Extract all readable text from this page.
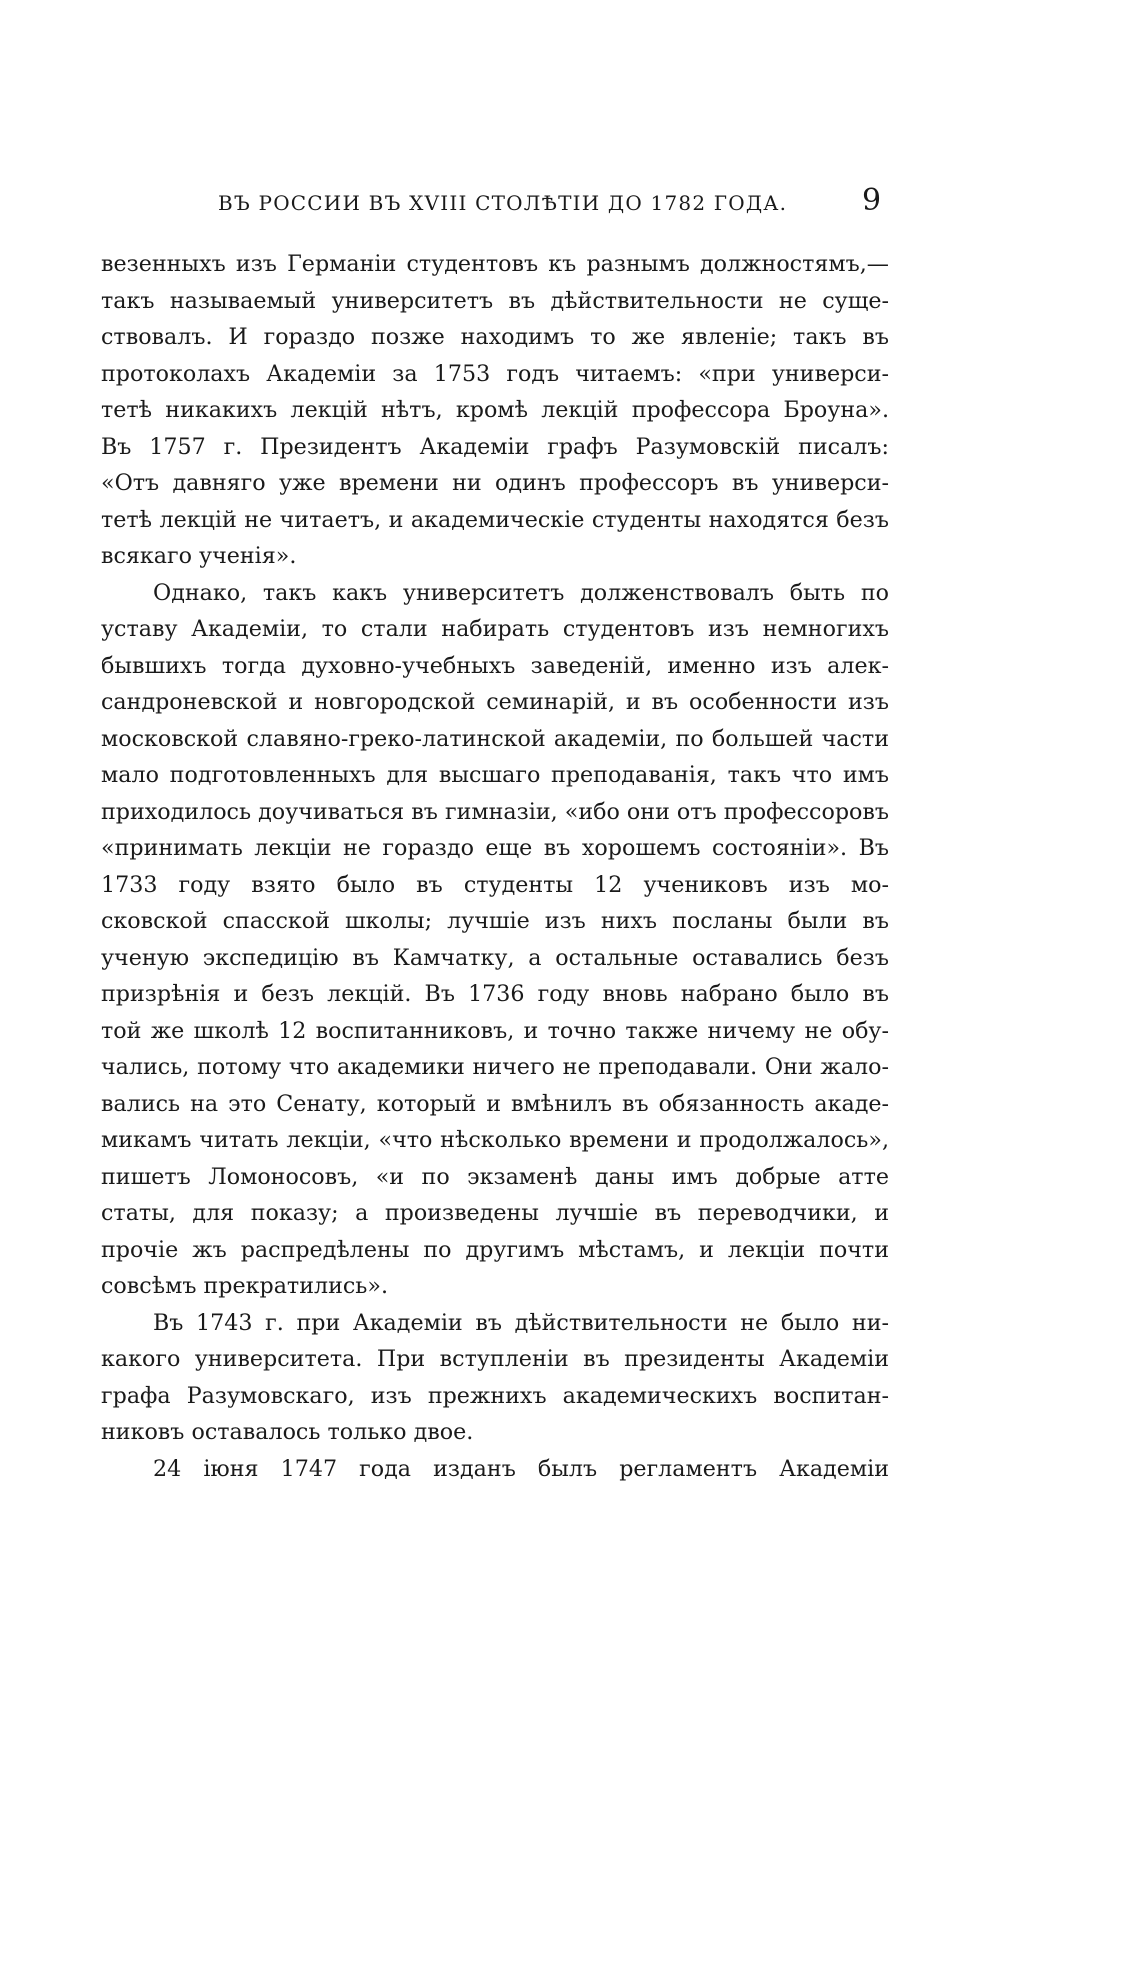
ВЪ РОССИИ ВЪ XVIII СТОЛѢТІИ ДО 1782 ГОДА. 9
везенныхъ изъ Германіи студентовъ къ разнымъ должностямъ,—
такъ называемый университетъ въ дѣйствительности не суще-
ствовалъ. И гораздо позже находимъ то же явленіе; такъ въ
протоколахъ Академіи за 1753 годъ читаемъ: «при универси-
тетѣ никакихъ лекцій нѣтъ, кромѣ лекцій профессора Броуна».
Въ 1757 г. Президентъ Академіи графъ Разумовскій писалъ:
«Отъ давняго уже времени ни одинъ профессоръ въ универси-
тетѣ лекцій не читаетъ, и академическіе студенты находятся безъ
всякаго ученія».
Однако, такъ какъ университетъ долженствовалъ быть по
уставу Академіи, то стали набирать студентовъ изъ немногихъ
бывшихъ тогда духовно-учебныхъ заведеній, именно изъ алек-
сандроневской и новгородской семинарій, и въ особенности изъ
московской славяно-греко-латинской академіи, по большей части
мало подготовленныхъ для высшаго преподаванія, такъ что имъ
приходилось доучиваться въ гимназіи, «ибо они отъ профессоровъ
«принимать лекціи не гораздо еще въ хорошемъ состояніи». Въ
1733 году взято было въ студенты 12 учениковъ изъ мо-
сковской спасской школы; лучшіе изъ нихъ посланы были въ
ученую экспедицію въ Камчатку, а остальные оставались безъ
призрѣнія и безъ лекцій. Въ 1736 году вновь набрано было въ
той же школѣ 12 воспитанниковъ, и точно также ничему не обу-
чались, потому что академики ничего не преподавали. Они жало-
вались на это Сенату, который и вмѣнилъ въ обязанность акаде-
микамъ читать лекціи, «что нѣсколько времени и продолжалось»,
пишетъ Ломоносовъ, «и по экзаменѣ даны имъ добрые атте
статы, для показу; а произведены лучшіе въ переводчики, и
прочіе жъ распредѣлены по другимъ мѣстамъ, и лекціи почти
совсѣмъ прекратились».
Въ 1743 г. при Академіи въ дѣйствительности не было ни-
какого университета. При вступленіи въ президенты Академіи
графа Разумовскаго, изъ прежнихъ академическихъ воспитан-
никовъ оставалось только двое.
24 іюня 1747 года изданъ былъ регламентъ Академіи
